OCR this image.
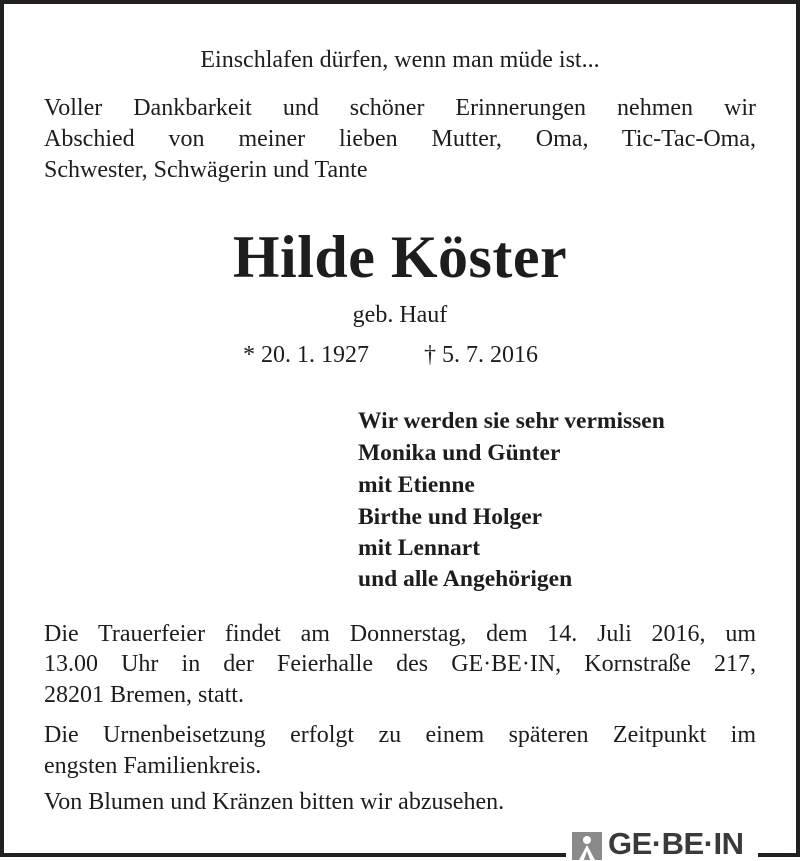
Einschlafen dürfen, wenn man müde ist...
Voller Dankbarkeit und schöner Erinnerungen nehmen wir
Abschied von meiner lieben Mutter, Oma, Tic-Tac-Oma,
Schwester, Schwägerin und Tante
Hilde Köster
geb. Hauf
* 20. 1. 1927 † 5. 7. 2016
Wir werden sie sehr vermissen
Monika und Günter
mit Etienne
Birthe und Holger
mit Lennart
und alle Angehörigen
Die Trauerfeier findet am Donnerstag, dem 14. Juli 2016, um
13.00 Uhr in der Feierhalle des GE·BE·IN, Kornstraße 217,
28201 Bremen, statt.
Die Urnenbeisetzung erfolgt zu einem späteren Zeitpunkt im
engsten Familienkreis.
Von Blumen und Kränzen bitten wir abzusehen.
GE·BE·IN
